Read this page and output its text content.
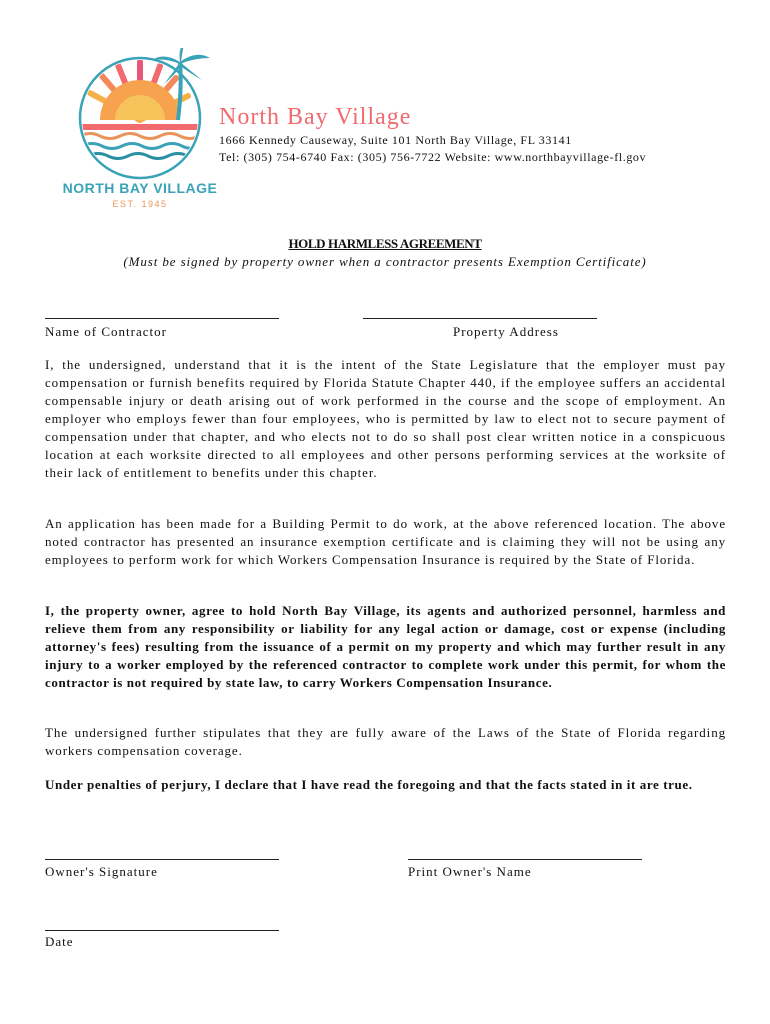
NORTH BAY VILLAGE
EST. 1945
North Bay Village
1666 Kennedy Causeway, Suite 101 North Bay Village, FL 33141
Tel: (305) 754-6740 Fax: (305) 756-7722 Website: www.northbayvillage-fl.gov
HOLD HARMLESS AGREEMENT
(Must be signed by property owner when a contractor presents Exemption Certificate)
Name of Contractor	Property Address

I, the undersigned, understand that it is the intent of the State Legislature that the employer must pay compensation or furnish benefits required by Florida Statute Chapter 440, if the employee suffers an accidental compensable injury or death arising out of work performed in the course and the scope of employment. An employer who employs fewer than four employees, who is permitted by law to elect not to secure payment of compensation under that chapter, and who elects not to do so shall post clear written notice in a conspicuous location at each worksite directed to all employees and other persons performing services at the worksite of their lack of entitlement to benefits under this chapter.

An application has been made for a Building Permit to do work, at the above referenced location. The above noted contractor has presented an insurance exemption certificate and is claiming they will not be using any employees to perform work for which Workers Compensation Insurance is required by the State of Florida.

I, the property owner, agree to hold North Bay Village, its agents and authorized personnel, harmless and relieve them from any responsibility or liability for any legal action or damage, cost or expense (including attorney's fees) resulting from the issuance of a permit on my property and which may further result in any injury to a worker employed by the referenced contractor to complete work under this permit, for whom the contractor is not required by state law, to carry Workers Compensation Insurance.

The undersigned further stipulates that they are fully aware of the Laws of the State of Florida regarding workers compensation coverage.

Under penalties of perjury, I declare that I have read the foregoing and that the facts stated in it are true.

Owner's Signature	Print Owner's Name
Date
